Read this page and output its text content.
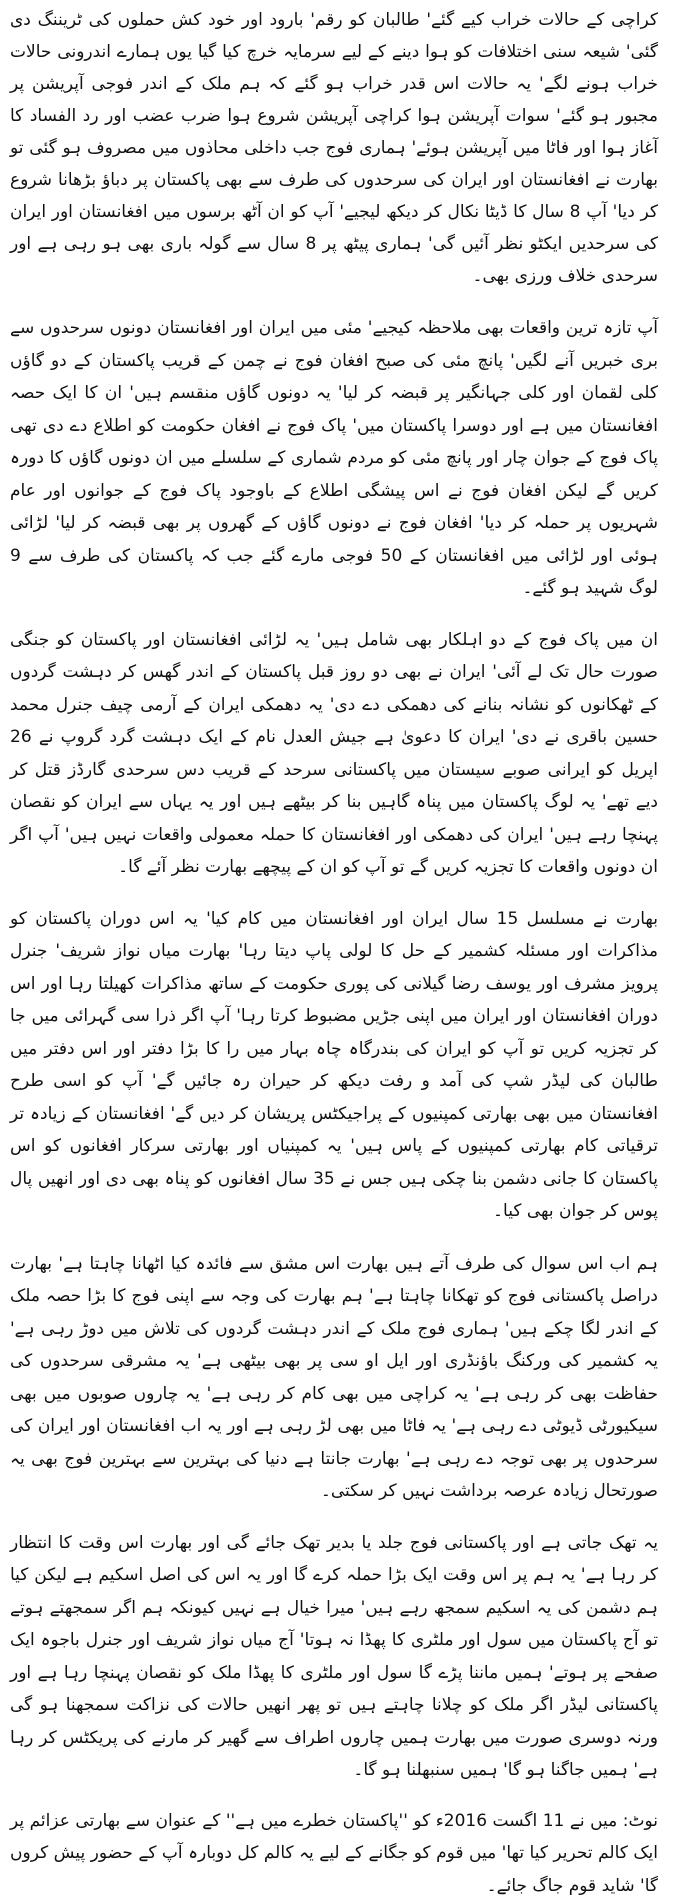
کراچی کے حالات خراب کیے گئے' طالبان کو رقم' بارود اور خود کش حملوں کی ٹریننگ دی گئی' شیعہ سنی اختلافات کو ہوا دینے کے لیے سرمایہ خرچ کیا گیا یوں ہمارے اندرونی حالات خراب ہونے لگے' یہ حالات اس قدر خراب ہو گئے کہ ہم ملک کے اندر فوجی آپریشن پر مجبور ہو گئے' سوات آپریشن ہوا کراچی آپریشن شروع ہوا ضرب عضب اور رد الفساد کا آغاز ہوا اور فاٹا میں آپریشن ہوئے' ہماری فوج جب داخلی محاذوں میں مصروف ہو گئی تو بھارت نے افغانستان اور ایران کی سرحدوں کی طرف سے بھی پاکستان پر دباؤ بڑھانا شروع کر دیا' آپ 8 سال کا ڈیٹا نکال کر دیکھ لیجیے' آپ کو ان آٹھ برسوں میں افغانستان اور ایران کی سرحدیں ایکٹو نظر آئیں گی' ہماری پیٹھ پر 8 سال سے گولہ باری بھی ہو رہی ہے اور سرحدی خلاف ورزی بھی۔

آپ تازہ ترین واقعات بھی ملاحظہ کیجیے' مئی میں ایران اور افغانستان دونوں سرحدوں سے بری خبریں آنے لگیں' پانچ مئی کی صبح افغان فوج نے چمن کے قریب پاکستان کے دو گاؤں کلی لقمان اور کلی جہانگیر پر قبضہ کر لیا' یہ دونوں گاؤں منقسم ہیں' ان کا ایک حصہ افغانستان میں ہے اور دوسرا پاکستان میں' پاک فوج نے افغان حکومت کو اطلاع دے دی تھی پاک فوج کے جوان چار اور پانچ مئی کو مردم شماری کے سلسلے میں ان دونوں گاؤں کا دورہ کریں گے لیکن افغان فوج نے اس پیشگی اطلاع کے باوجود پاک فوج کے جوانوں اور عام شہریوں پر حملہ کر دیا' افغان فوج نے دونوں گاؤں کے گھروں پر بھی قبضہ کر لیا' لڑائی ہوئی اور لڑائی میں افغانستان کے 50 فوجی مارے گئے جب کہ پاکستان کی طرف سے 9 لوگ شہید ہو گئے۔

ان میں پاک فوج کے دو اہلکار بھی شامل ہیں' یہ لڑائی افغانستان اور پاکستان کو جنگی صورت حال تک لے آئی' ایران نے بھی دو روز قبل پاکستان کے اندر گھس کر دہشت گردوں کے ٹھکانوں کو نشانہ بنانے کی دھمکی دے دی' یہ دھمکی ایران کے آرمی چیف جنرل محمد حسین باقری نے دی' ایران کا دعویٰ ہے جیش العدل نام کے ایک دہشت گرد گروپ نے 26 اپریل کو ایرانی صوبے سیستان میں پاکستانی سرحد کے قریب دس سرحدی گارڈز قتل کر دیے تھے' یہ لوگ پاکستان میں پناہ گاہیں بنا کر بیٹھے ہیں اور یہ یہاں سے ایران کو نقصان پہنچا رہے ہیں' ایران کی دھمکی اور افغانستان کا حملہ معمولی واقعات نہیں ہیں' آپ اگر ان دونوں واقعات کا تجزیہ کریں گے تو آپ کو ان کے پیچھے بھارت نظر آئے گا۔

بھارت نے مسلسل 15 سال ایران اور افغانستان میں کام کیا' یہ اس دوران پاکستان کو مذاکرات اور مسئلہ کشمیر کے حل کا لولی پاپ دیتا رہا' بھارت میاں نواز شریف' جنرل پرویز مشرف اور یوسف رضا گیلانی کی پوری حکومت کے ساتھ مذاکرات کھیلتا رہا اور اس دوران افغانستان اور ایران میں اپنی جڑیں مضبوط کرتا رہا' آپ اگر ذرا سی گہرائی میں جا کر تجزیہ کریں تو آپ کو ایران کی بندرگاہ چاہ بہار میں را کا بڑا دفتر اور اس دفتر میں طالبان کی لیڈر شپ کی آمد و رفت دیکھ کر حیران رہ جائیں گے' آپ کو اسی طرح افغانستان میں بھی بھارتی کمپنیوں کے پراجیکٹس پریشان کر دیں گے' افغانستان کے زیادہ تر ترقیاتی کام بھارتی کمپنیوں کے پاس ہیں' یہ کمپنیاں اور بھارتی سرکار افغانوں کو اس پاکستان کا جانی دشمن بنا چکی ہیں جس نے 35 سال افغانوں کو پناہ بھی دی اور انھیں پال پوس کر جوان بھی کیا۔

ہم اب اس سوال کی طرف آتے ہیں بھارت اس مشق سے فائدہ کیا اٹھانا چاہتا ہے' بھارت دراصل پاکستانی فوج کو تھکانا چاہتا ہے' ہم بھارت کی وجہ سے اپنی فوج کا بڑا حصہ ملک کے اندر لگا چکے ہیں' ہماری فوج ملک کے اندر دہشت گردوں کی تلاش میں دوڑ رہی ہے' یہ کشمیر کی ورکنگ باؤنڈری اور ایل او سی پر بھی بیٹھی ہے' یہ مشرقی سرحدوں کی حفاظت بھی کر رہی ہے' یہ کراچی میں بھی کام کر رہی ہے' یہ چاروں صوبوں میں بھی سیکیورٹی ڈیوٹی دے رہی ہے' یہ فاٹا میں بھی لڑ رہی ہے اور یہ اب افغانستان اور ایران کی سرحدوں پر بھی توجہ دے رہی ہے' بھارت جانتا ہے دنیا کی بہترین سے بہترین فوج بھی یہ صورتحال زیادہ عرصہ برداشت نہیں کر سکتی۔

یہ تھک جاتی ہے اور پاکستانی فوج جلد یا بدیر تھک جائے گی اور بھارت اس وقت کا انتظار کر رہا ہے' یہ ہم پر اس وقت ایک بڑا حملہ کرے گا اور یہ اس کی اصل اسکیم ہے لیکن کیا ہم دشمن کی یہ اسکیم سمجھ رہے ہیں' میرا خیال ہے نہیں کیونکہ ہم اگر سمجھتے ہوتے تو آج پاکستان میں سول اور ملٹری کا پھڈا نہ ہوتا' آج میاں نواز شریف اور جنرل باجوہ ایک صفحے پر ہوتے' ہمیں ماننا پڑے گا سول اور ملٹری کا پھڈا ملک کو نقصان پہنچا رہا ہے اور پاکستانی لیڈر اگر ملک کو چلانا چاہتے ہیں تو پھر انھیں حالات کی نزاکت سمجھنا ہو گی ورنہ دوسری صورت میں بھارت ہمیں چاروں اطراف سے گھیر کر مارنے کی پریکٹس کر رہا ہے' ہمیں جاگنا ہو گا' ہمیں سنبھلنا ہو گا۔

نوٹ: میں نے 11 اگست 2016ء کو ''پاکستان خطرے میں ہے'' کے عنوان سے بھارتی عزائم پر ایک کالم تحریر کیا تھا' میں قوم کو جگانے کے لیے یہ کالم کل دوبارہ آپ کے حضور پیش کروں گا' شاید قوم جاگ جائے۔
